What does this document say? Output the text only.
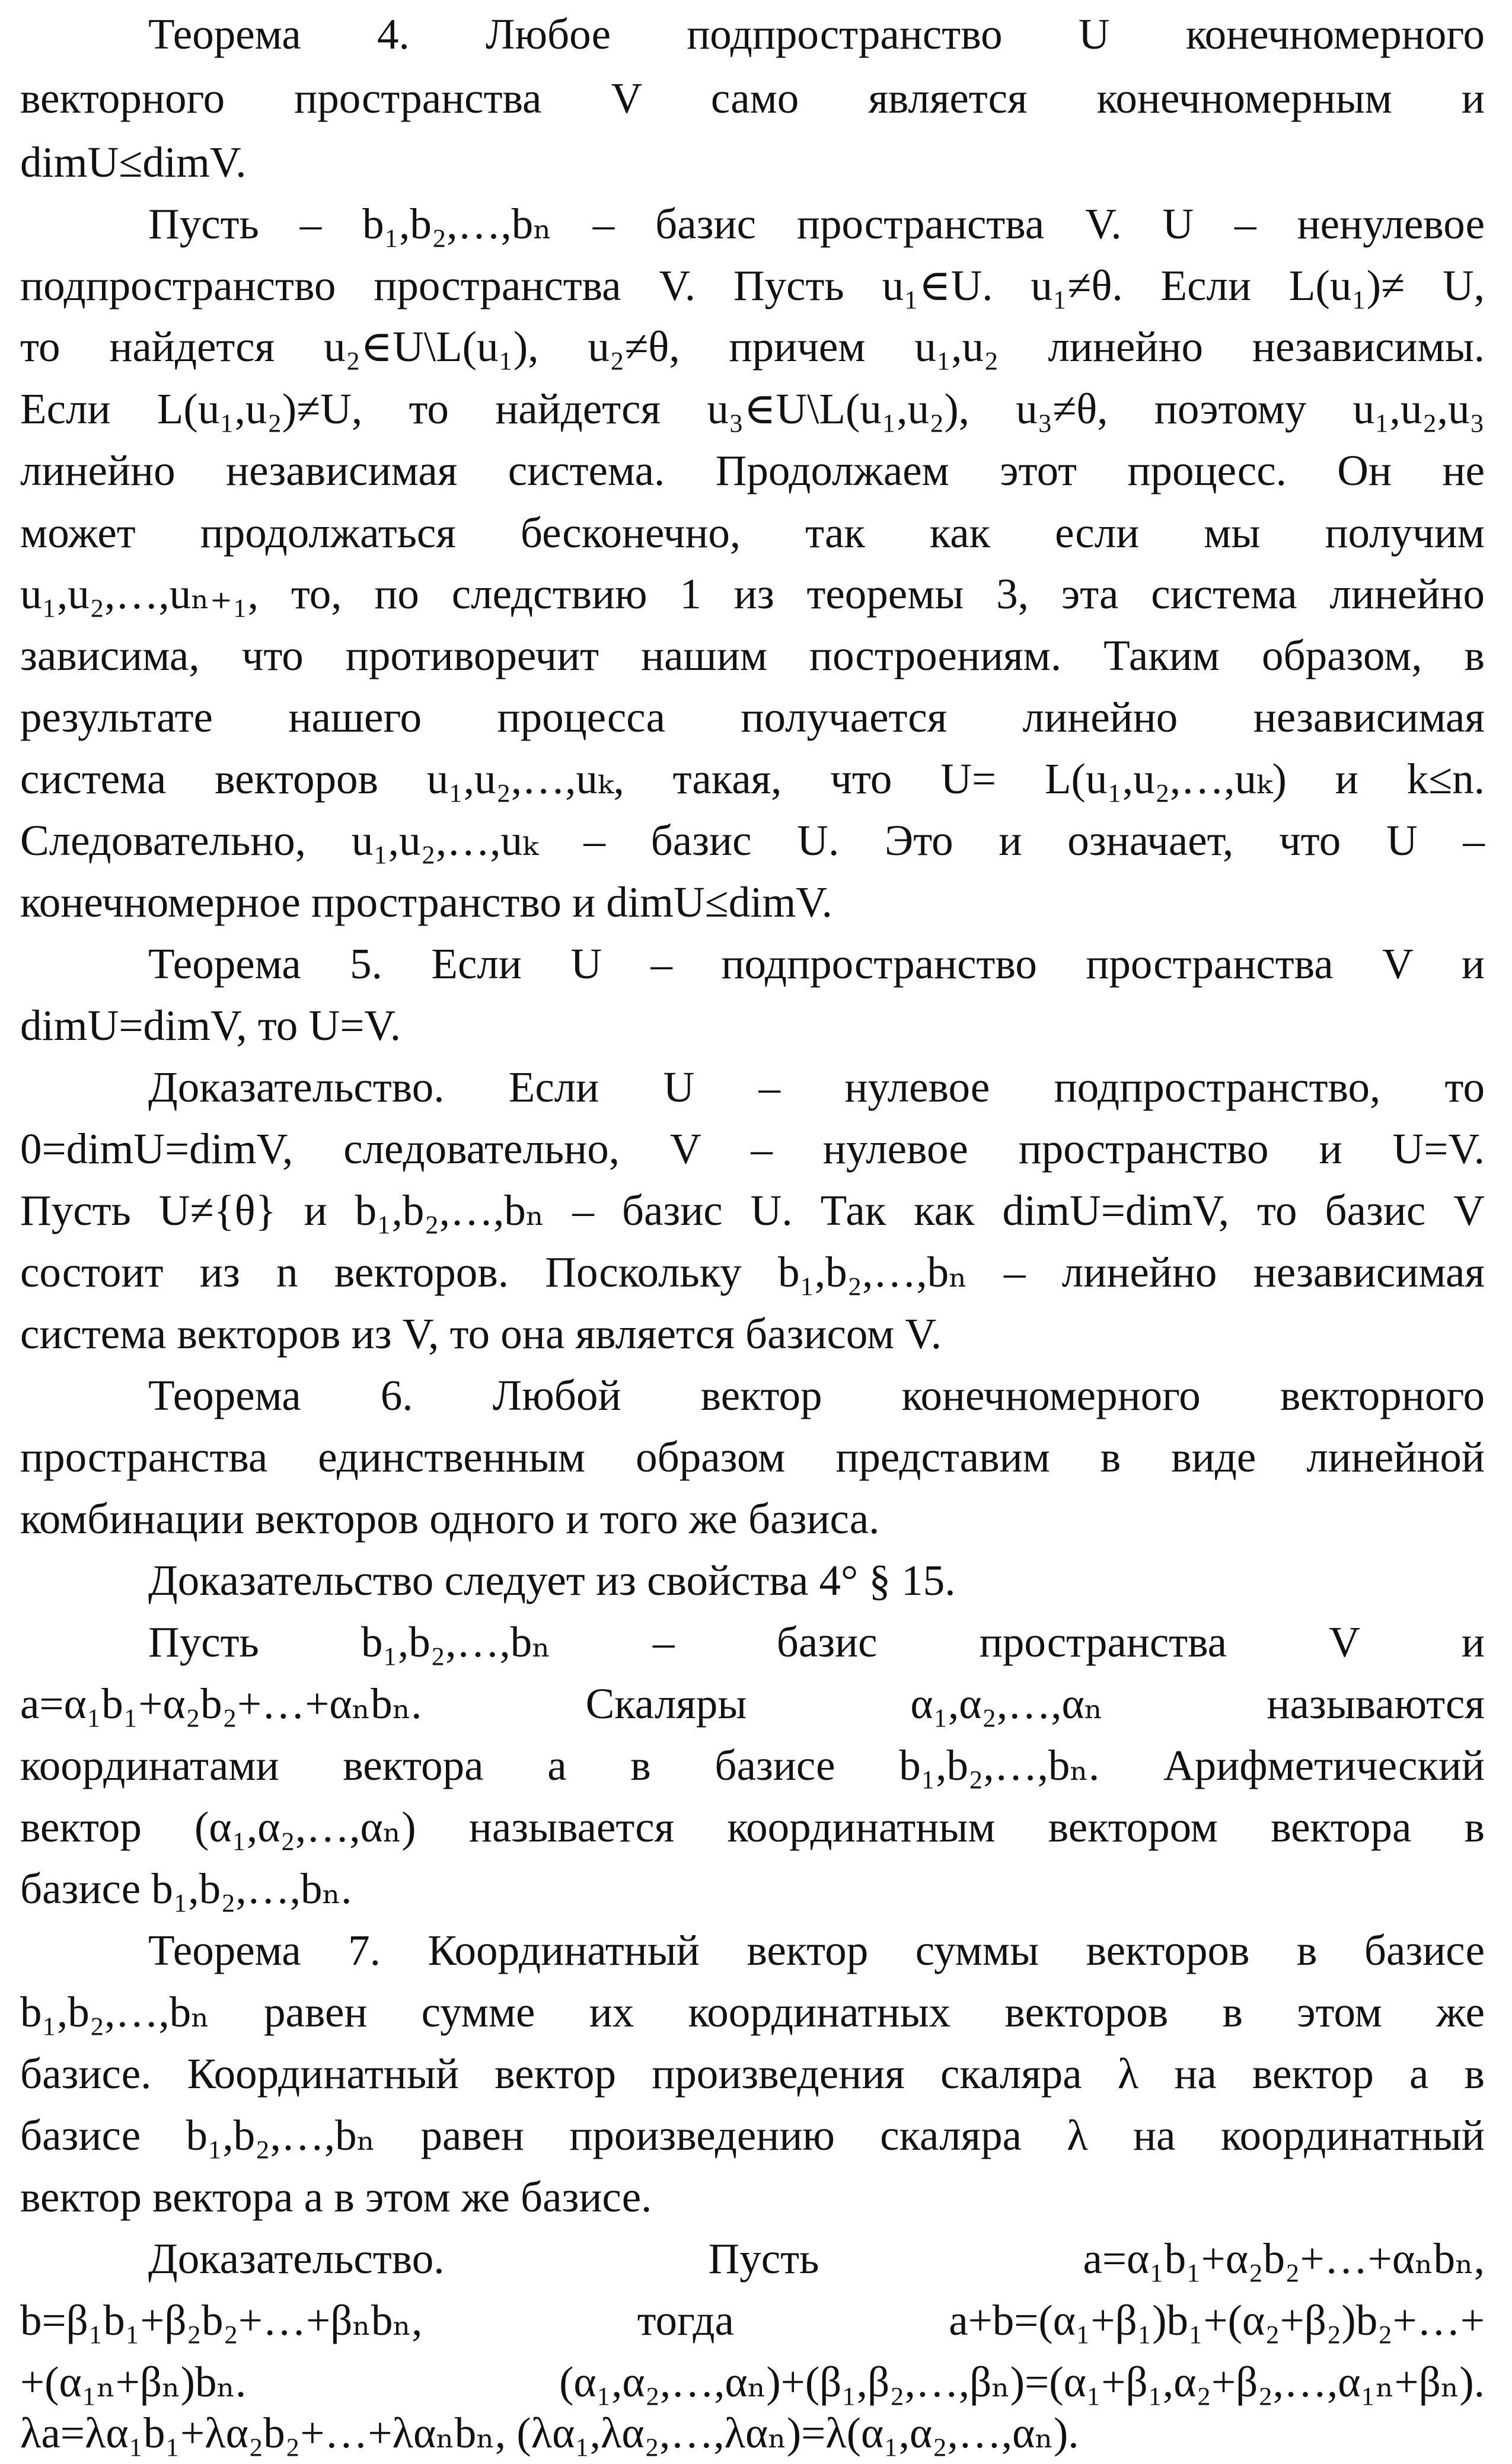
Теорема 4. Любое подпространство U конечномерного
векторного пространства V само является конечномерным и
dimU≤dimV.
Пусть – b₁,b₂,…,bₙ – базис пространства V. U – ненулевое
подпространство пространства V. Пусть u₁∈U. u₁≠θ. Если L(u₁)≠ U,
то найдется u₂∈U\L(u₁), u₂≠θ, причем u₁,u₂ линейно независимы.
Если L(u₁,u₂)≠U, то найдется u₃∈U\L(u₁,u₂), u₃≠θ, поэтому u₁,u₂,u₃
линейно независимая система. Продолжаем этот процесс. Он не
может продолжаться бесконечно, так как если мы получим
u₁,u₂,…,uₙ₊₁, то, по следствию 1 из теоремы 3, эта система линейно
зависима, что противоречит нашим построениям. Таким образом, в
результате нашего процесса получается линейно независимая
система векторов u₁,u₂,…,uₖ, такая, что U= L(u₁,u₂,…,uₖ) и k≤n.
Следовательно, u₁,u₂,…,uₖ – базис U. Это и означает, что U –
конечномерное пространство и dimU≤dimV.
Теорема 5. Если U – подпространство пространства V и
dimU=dimV, то U=V.
Доказательство. Если U – нулевое подпространство, то
0=dimU=dimV, следовательно, V – нулевое пространство и U=V.
Пусть U≠{θ} и b₁,b₂,…,bₙ – базис U. Так как dimU=dimV, то базис V
состоит из n векторов. Поскольку b₁,b₂,…,bₙ – линейно независимая
система векторов из V, то она является базисом V.
Теорема 6. Любой вектор конечномерного векторного
пространства единственным образом представим в виде линейной
комбинации векторов одного и того же базиса.
Доказательство следует из свойства 4° § 15.
Пусть b₁,b₂,…,bₙ – базис пространства V и
a=α₁b₁+α₂b₂+…+αₙbₙ. Скаляры α₁,α₂,…,αₙ называются
координатами вектора a в базисе b₁,b₂,…,bₙ. Арифметический
вектор (α₁,α₂,…,αₙ) называется координатным вектором вектора в
базисе b₁,b₂,…,bₙ.
Теорема 7. Координатный вектор суммы векторов в базисе
b₁,b₂,…,bₙ равен сумме их координатных векторов в этом же
базисе. Координатный вектор произведения скаляра λ на вектор a в
базисе b₁,b₂,…,bₙ равен произведению скаляра λ на координатный
вектор вектора a в этом же базисе.
Доказательство. Пусть a=α₁b₁+α₂b₂+…+αₙbₙ,
b=β₁b₁+β₂b₂+…+βₙbₙ, тогда a+b=(α₁+β₁)b₁+(α₂+β₂)b₂+…+
+(α₁ₙ+βₙ)bₙ. (α₁,α₂,…,αₙ)+(β₁,β₂,…,βₙ)=(α₁+β₁,α₂+β₂,…,α₁ₙ+βₙ).
λa=λα₁b₁+λα₂b₂+…+λαₙbₙ, (λα₁,λα₂,…,λαₙ)=λ(α₁,α₂,…,αₙ).
